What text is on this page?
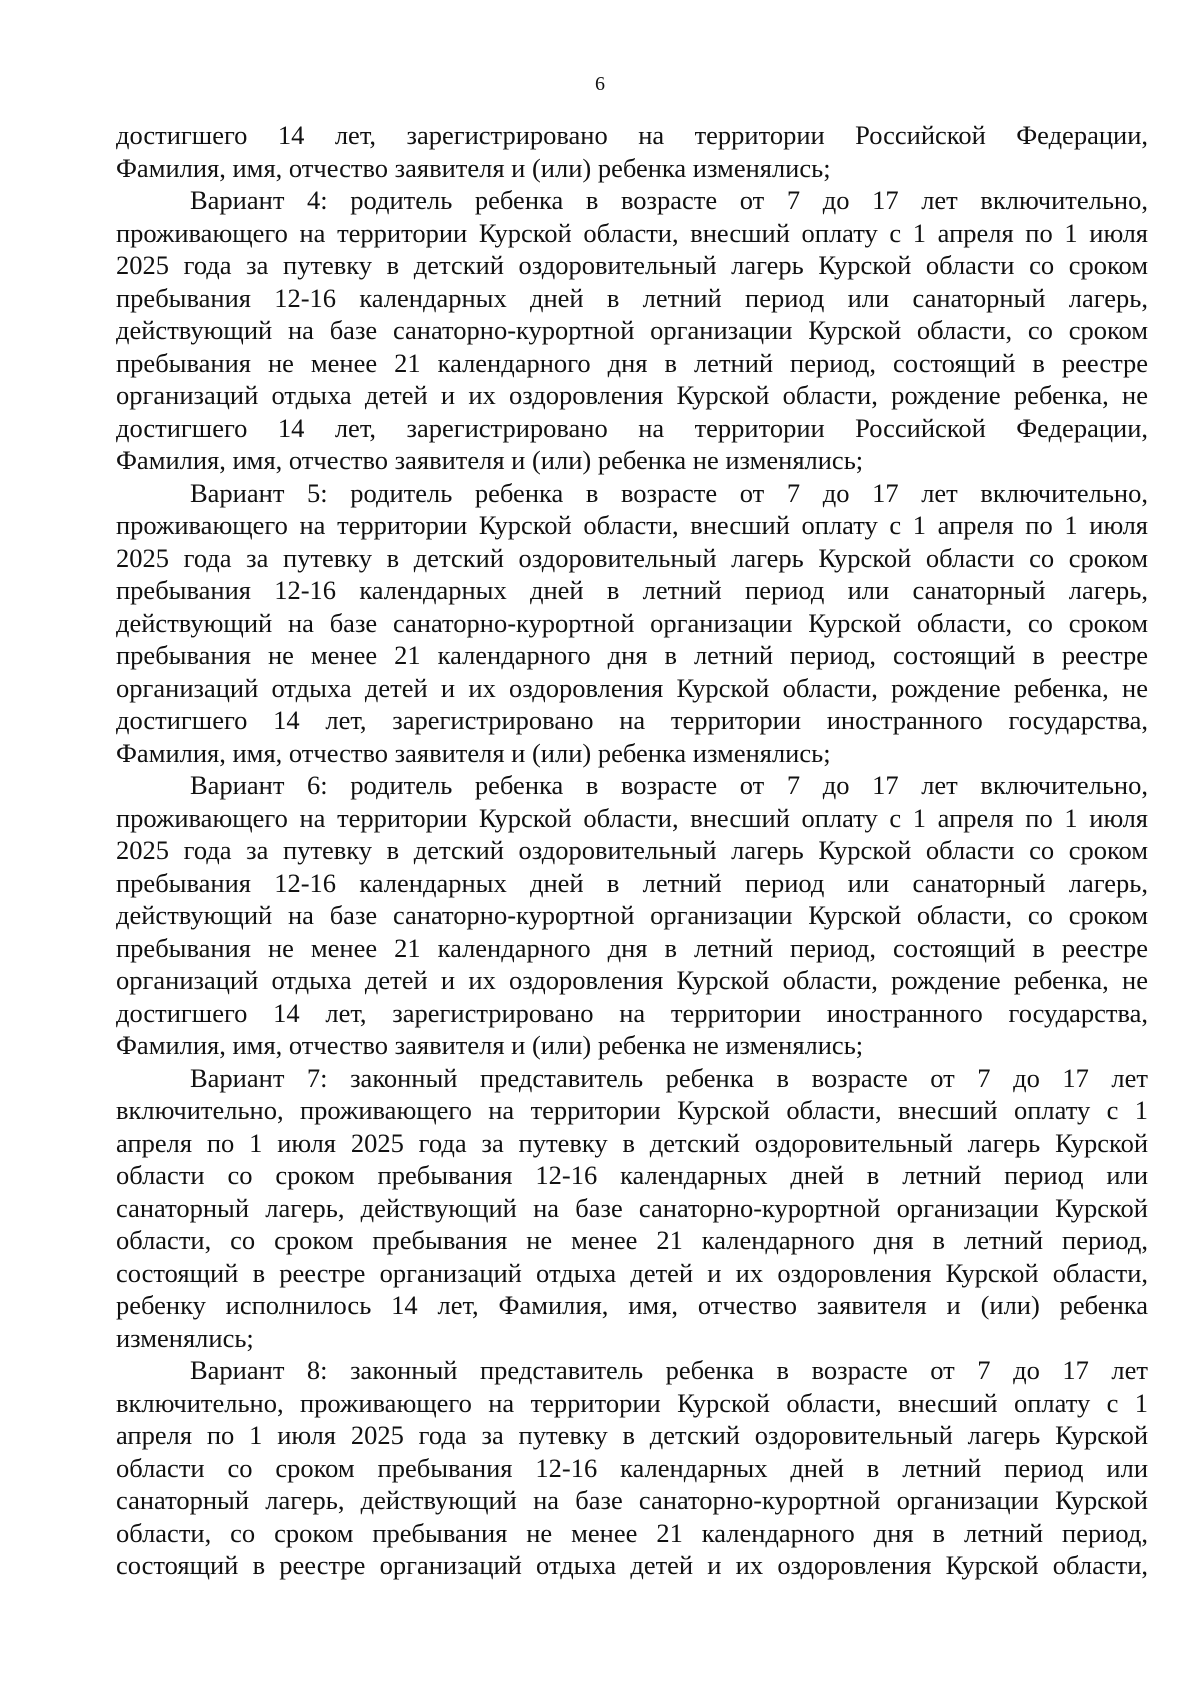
6
достигшего 14 лет, зарегистрировано на территории Российской Федерации,
Фамилия, имя, отчество заявителя и (или) ребенка изменялись;
Вариант 4: родитель ребенка в возрасте от 7 до 17 лет включительно,
проживающего на территории Курской области, внесший оплату с 1 апреля по 1 июля
2025 года за путевку в детский оздоровительный лагерь Курской области со сроком
пребывания 12-16 календарных дней в летний период или санаторный лагерь,
действующий на базе санаторно-курортной организации Курской области, со сроком
пребывания не менее 21 календарного дня в летний период, состоящий в реестре
организаций отдыха детей и их оздоровления Курской области, рождение ребенка, не
достигшего 14 лет, зарегистрировано на территории Российской Федерации,
Фамилия, имя, отчество заявителя и (или) ребенка не изменялись;
Вариант 5: родитель ребенка в возрасте от 7 до 17 лет включительно,
проживающего на территории Курской области, внесший оплату с 1 апреля по 1 июля
2025 года за путевку в детский оздоровительный лагерь Курской области со сроком
пребывания 12-16 календарных дней в летний период или санаторный лагерь,
действующий на базе санаторно-курортной организации Курской области, со сроком
пребывания не менее 21 календарного дня в летний период, состоящий в реестре
организаций отдыха детей и их оздоровления Курской области, рождение ребенка, не
достигшего 14 лет, зарегистрировано на территории иностранного государства,
Фамилия, имя, отчество заявителя и (или) ребенка изменялись;
Вариант 6: родитель ребенка в возрасте от 7 до 17 лет включительно,
проживающего на территории Курской области, внесший оплату с 1 апреля по 1 июля
2025 года за путевку в детский оздоровительный лагерь Курской области со сроком
пребывания 12-16 календарных дней в летний период или санаторный лагерь,
действующий на базе санаторно-курортной организации Курской области, со сроком
пребывания не менее 21 календарного дня в летний период, состоящий в реестре
организаций отдыха детей и их оздоровления Курской области, рождение ребенка, не
достигшего 14 лет, зарегистрировано на территории иностранного государства,
Фамилия, имя, отчество заявителя и (или) ребенка не изменялись;
Вариант 7: законный представитель ребенка в возрасте от 7 до 17 лет
включительно, проживающего на территории Курской области, внесший оплату с 1
апреля по 1 июля 2025 года за путевку в детский оздоровительный лагерь Курской
области со сроком пребывания 12-16 календарных дней в летний период или
санаторный лагерь, действующий на базе санаторно-курортной организации Курской
области, со сроком пребывания не менее 21 календарного дня в летний период,
состоящий в реестре организаций отдыха детей и их оздоровления Курской области,
ребенку исполнилось 14 лет, Фамилия, имя, отчество заявителя и (или) ребенка
изменялись;
Вариант 8: законный представитель ребенка в возрасте от 7 до 17 лет
включительно, проживающего на территории Курской области, внесший оплату с 1
апреля по 1 июля 2025 года за путевку в детский оздоровительный лагерь Курской
области со сроком пребывания 12-16 календарных дней в летний период или
санаторный лагерь, действующий на базе санаторно-курортной организации Курской
области, со сроком пребывания не менее 21 календарного дня в летний период,
состоящий в реестре организаций отдыха детей и их оздоровления Курской области,
